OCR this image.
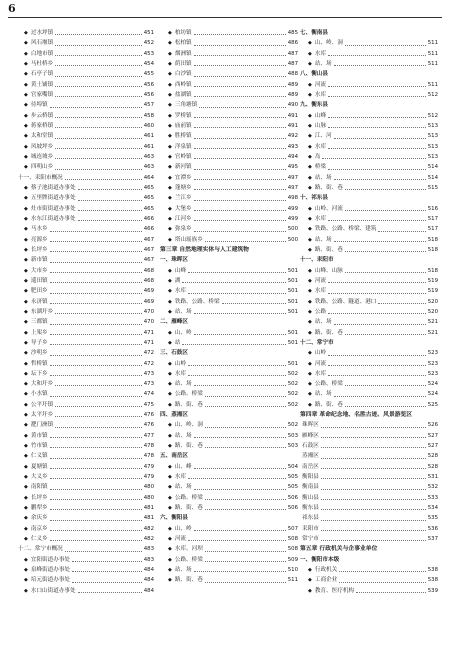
6
◆ 过水坪镇	451
◆ 风石堰镇	452
◆ 白地市镇	453
◆ 马杜桥乡	454
◆ 石亭子镇	455
◆ 黄土铺镇	456
◆ 官家嘴镇	456
◆ 待埠镇	457
◆ 步云桥镇	458
◆ 蒋家桥镇	460
◆ 太和堂镇	461
◆ 风坡坪乡	461
◆ 城连墟乡	463
◆ 四明山乡	463
十一、耒阳市概况	464
◆ 蔡子池街道办事处	465
◆ 五里牌街道办事处	465
◆ 灶市街街道办事处	465
◆ 水东江街道办事处	466
◆ 马水乡	466
◆ 亮源乡	467
◆ 长坪乡	467
◆ 新市镇	467
◆ 大市乡	468
◆ 遥田镇	468
◆ 肥田乡	469
◆ 永济镇	469
◆ 东湖圩乡	470
◆ 三都镇	470
◆ 上架乡	471
◆ 导子乡	471
◆ 沙明乡	472
◆ 哲桥镇	472
◆ 坛下乡	473
◆ 大和圩乡	473
◆ 小水镇	474
◆ 公平圩镇	475
◆ 太平圩乡	476
◆ 淝门洲镇	476
◆ 黄市镇	477
◆ 竹市镇	478
◆ 仁义镇	478
◆ 夏塘镇	479
◆ 大义乡	479
◆ 南阳镇	480
◆ 长坪乡	480
◆ 鹏犁乡	481
◆ 余庆乡	481
◆ 南京乡	482
◆ 仁义乡	482
十二、常宁市概况	483
◆ 宜阳街道办事处	483
◆ 泉峰街道办事处	484
◆ 培元街道办事处	484
◆ 水口山街道办事处	484
◆ 柏坊镇	485
◆ 松柏镇	486
◆ 烟洲镇	487
◆ 荫田镇	487
◆ 白沙镇	488
◆ 西岭镇	489
◆ 盐湖镇	489
◆ 三角塘镇	490
◆ 罗桥镇	491
◆ 庙前镇	491
◆ 胜桥镇	492
◆ 洋泉镇	493
◆ 官岭镇	494
◆ 新河镇	495
◆ 宜潭乡	497
◆ 蓬塘乡	497
◆ 兰江乡	498
◆ 大堡乡	499
◆ 江河乡	499
◆ 弥泉乡	500
◆ 塔山瑶族乡	500
第三章 自然地理实体与人工建筑物
一、珠晖区
◆ 山峰	501
◆ 湖	501
◆ 水库	501
◆ 铁路、公路、桥梁	501
◆ 站、场	501
二、雁峰区
◆ 山、岭	501
◆ 站	501
三、石鼓区
◆ 山岭	501
◆ 水库	502
◆ 站、场	502
◆ 公路、桥梁	502
◆ 路、街、巷	502
四、蒸湘区
◆ 山、岭、洞	502
◆ 站、场	503
◆ 路、街、巷	503
五、南岳区
◆ 山、峰	504
◆ 水库	505
◆ 站、场	505
◆ 公路、桥梁	506
◆ 路、街、巷	506
六、衡阳县
◆ 山、岭	507
◆ 河流	508
◆ 水库、河坝	508
◆ 公路、桥梁	509
◆ 站、场	510
◆ 路、街、巷	511
七、衡南县
◆ 山、岭、洞	511
◆ 水库	511
◆ 站、场	511
八、衡山县
◆ 河流	511
◆ 水库	512
九、衡东县
◆ 山峰	512
◆ 山脉	513
◆ 江、河	513
◆ 水库	513
◆ 岛	513
◆ 桥梁	514
◆ 站、场	514
◆ 路、街、巷	515
十、祁东县
◆ 山岭、河流	516
◆ 水库	517
◆ 铁路、公路、桥梁、建筑	517
◆ 站、场	518
◆ 路、街、巷	518
十一、耒阳市
◆ 山峰、山脉	518
◆ 河流	519
◆ 水库	519
◆ 铁路、公路、隧道、港口	520
◆ 公路	520
◆ 站、场	521
◆ 路、街、巷	521
十二、常宁市
◆ 山岭	523
◆ 河流	523
◆ 水库	523
◆ 公路、桥梁	524
◆ 站、场	524
◆ 路、街、巷	525
第四章 革命纪念地、名胜古迹、风景游览区
珠晖区	526
雁峰区	527
石鼓区	527
蒸湘区	528
南岳区	528
衡阳县	531
衡南县	532
衡山县	533
衡东县	534
祁东县	535
耒阳市	536
常宁市	537
第五章 行政机关与企事业单位
一、衡阳市本级
◆ 行政机关	538
◆ 工商企业	538
◆ 教育、医疗机构	539
